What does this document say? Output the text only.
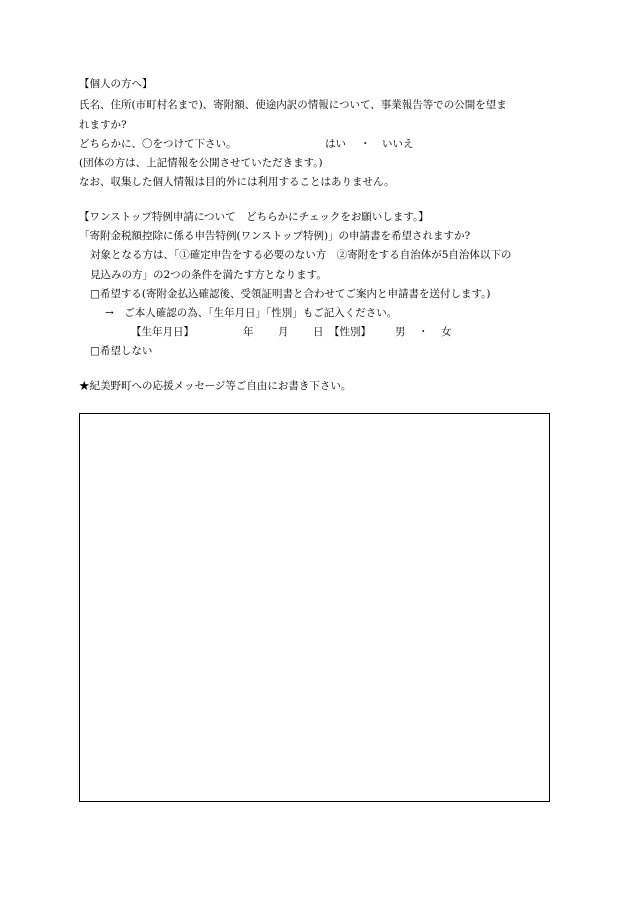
【個人の方へ】
氏名、住所(市町村名まで)、寄附額、使途内訳の情報について、事業報告等での公開を望ま
れますか?
どちらかに、〇をつけて下さい。	はい ・ いいえ
(団体の方は、上記情報を公開させていただきます。)
なお、収集した個人情報は目的外には利用することはありません。
【ワンストップ特例申請について　どちらかにチェックをお願いします。】
「寄附金税額控除に係る申告特例(ワンストップ特例)」の申請書を希望されますか?
対象となる方は、「①確定申告をする必要のない方　②寄附をする自治体が5自治体以下の
見込みの方」の2つの条件を満たす方となります。
□希望する(寄附金払込確認後、受領証明書と合わせてご案内と申請書を送付します。)
→　ご本人確認の為、「生年月日」「性別」もご記入ください。
【生年月日】	年 月 日 【性別】 男 ・ 女
□希望しない
★紀美野町への応援メッセージ等ご自由にお書き下さい。
